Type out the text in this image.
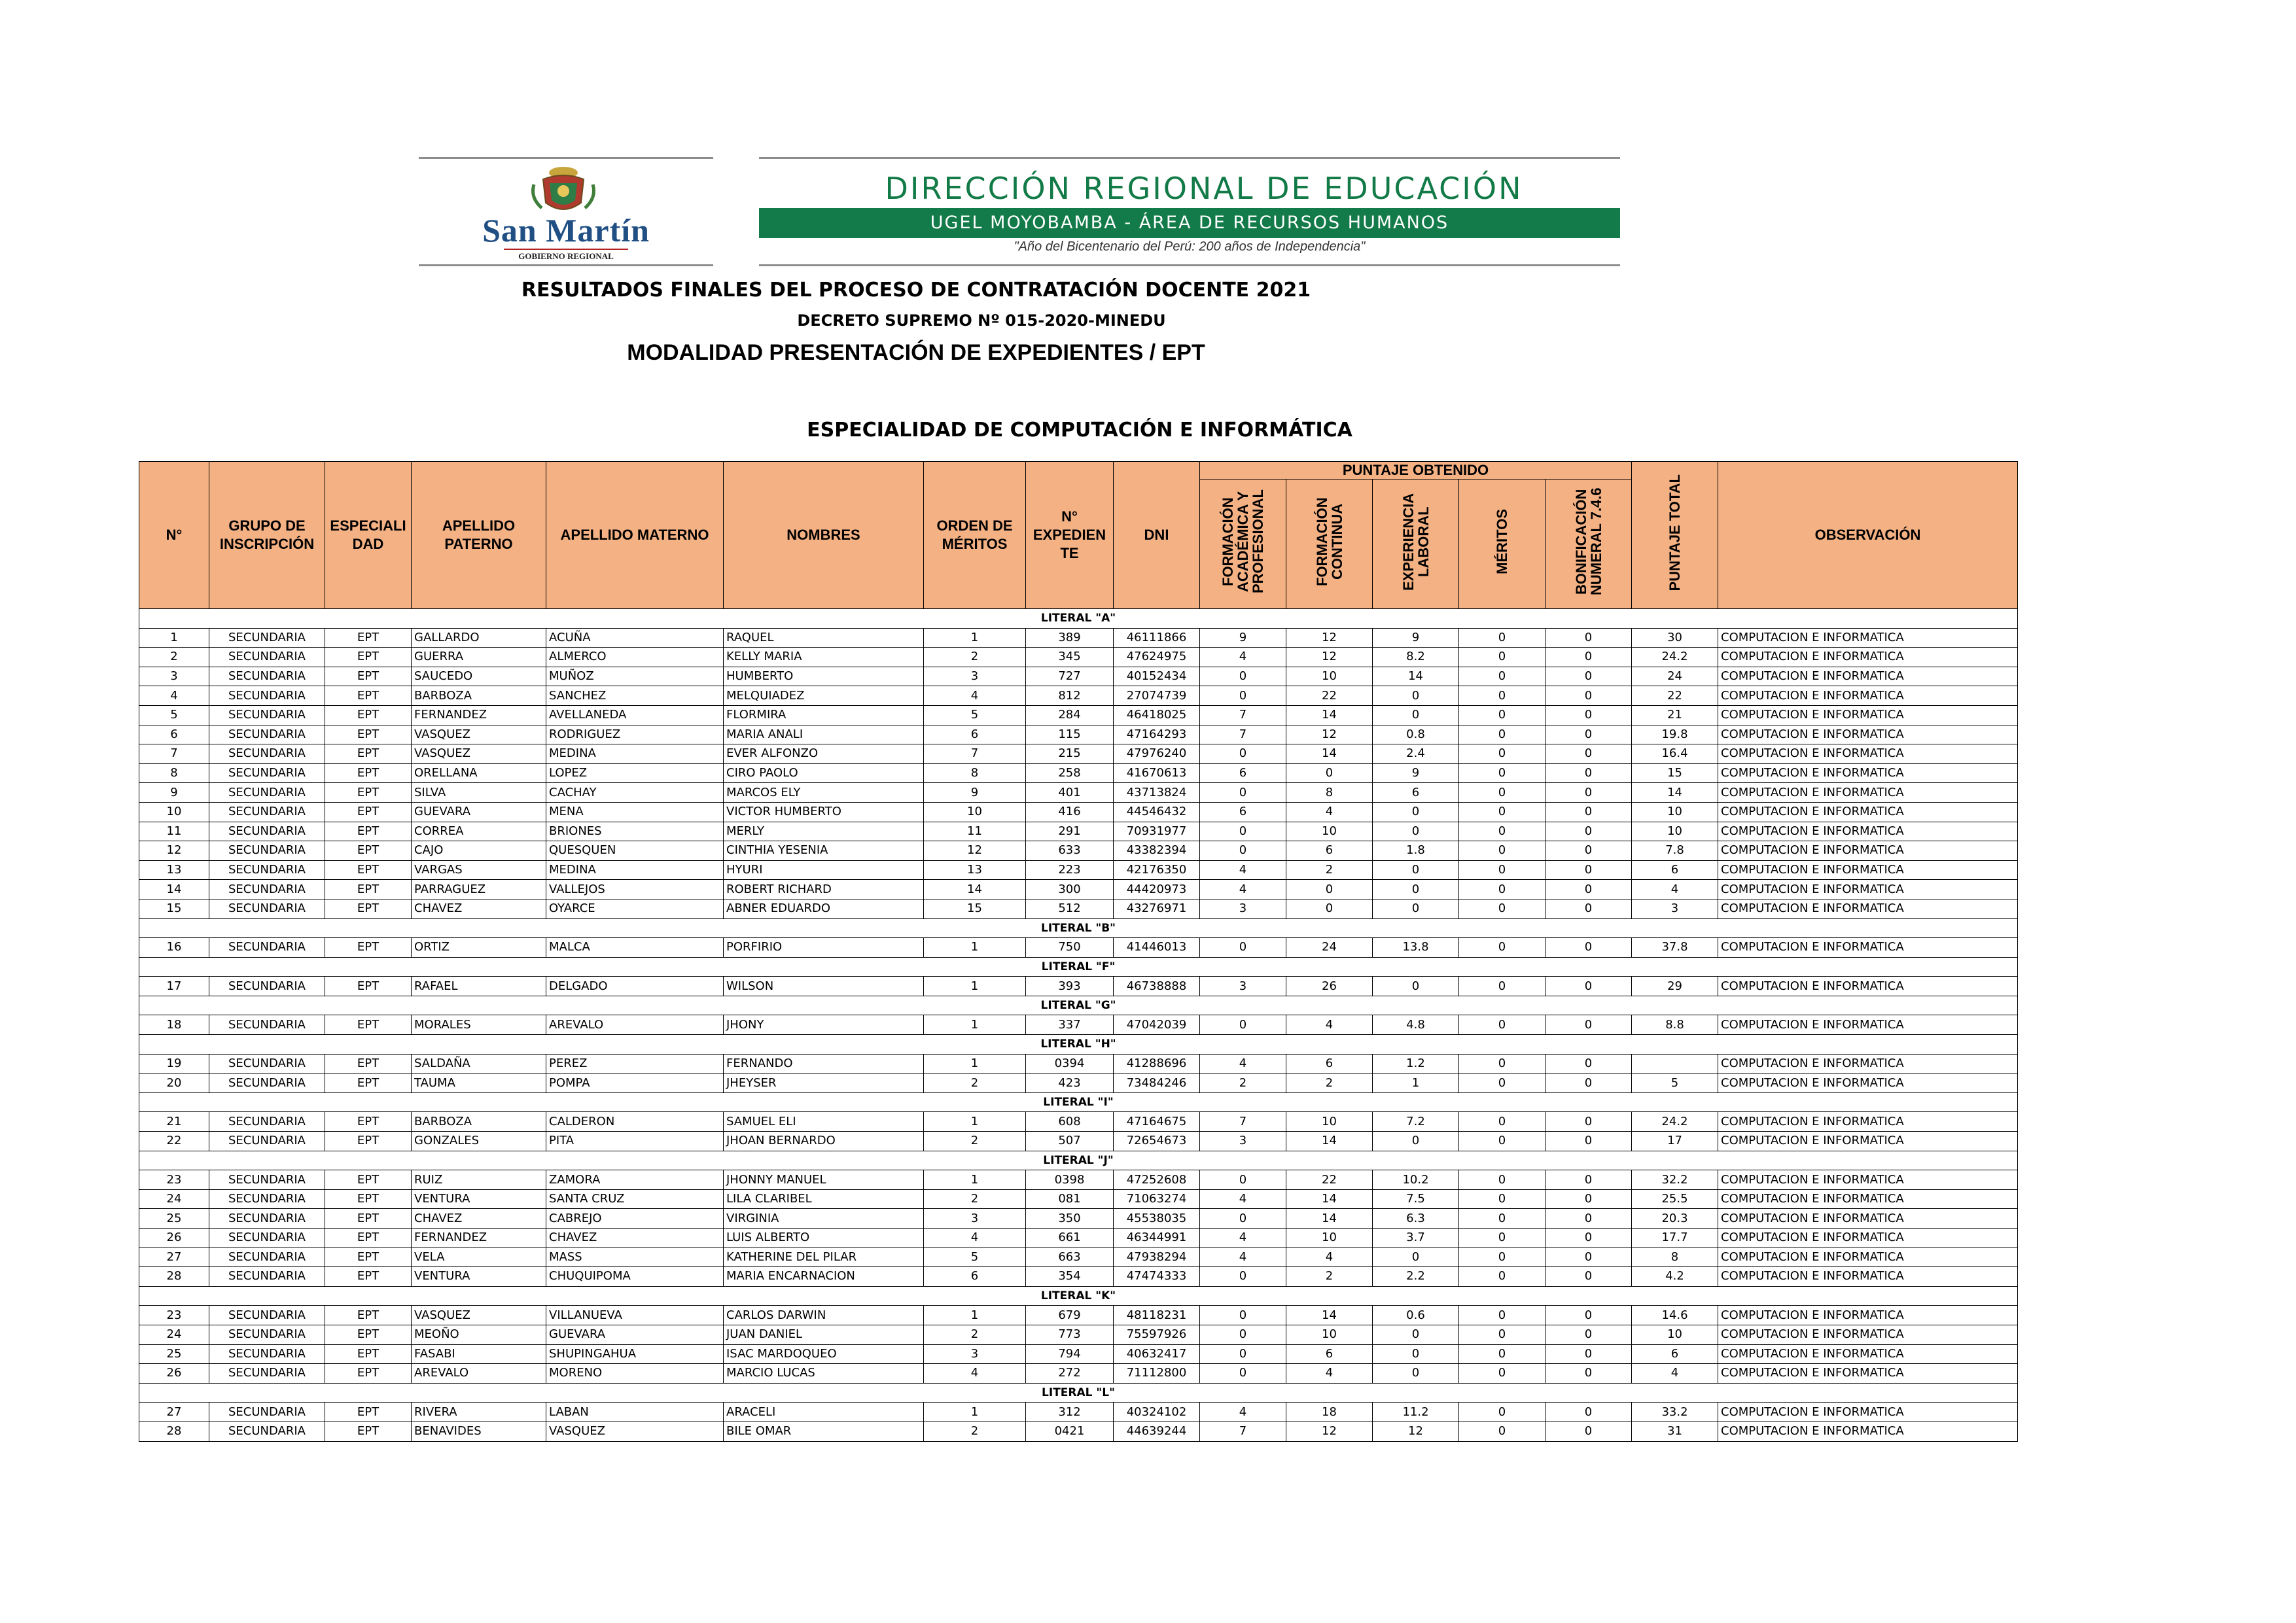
San Martín
GOBIERNO REGIONAL
DIRECCIÓN REGIONAL DE EDUCACIÓN
UGEL MOYOBAMBA - ÁREA DE RECURSOS HUMANOS
"Año del Bicentenario del Perú: 200 años de Independencia"
RESULTADOS FINALES DEL PROCESO DE CONTRATACIÓN DOCENTE 2021
DECRETO SUPREMO Nº 015-2020-MINEDU
MODALIDAD PRESENTACIÓN DE EXPEDIENTES / EPT
ESPECIALIDAD DE COMPUTACIÓN E INFORMÁTICA
N°	GRUPO DE INSCRIPCIÓN	ESPECIALI DAD	APELLIDO PATERNO	APELLIDO MATERNO	NOMBRES	ORDEN DE MÉRITOS	N° EXPEDIEN TE	DNI	PUNTAJE OBTENIDO					PUNTAJE TOTAL	OBSERVACIÓN
									FORMACIÓN ACADÉMICA Y PROFESIONAL	FORMACIÓN CONTINUA	EXPERIENCIA LABORAL	MÉRITOS	BONIFICACIÓN NUMERAL 7.4.6		
LITERAL "A"															
1	SECUNDARIA	EPT	GALLARDO	ACUÑA	RAQUEL	1	389	46111866	9	12	9	0	0	30	COMPUTACION E INFORMATICA
2	SECUNDARIA	EPT	GUERRA	ALMERCO	KELLY MARIA	2	345	47624975	4	12	8.2	0	0	24.2	COMPUTACION E INFORMATICA
3	SECUNDARIA	EPT	SAUCEDO	MUÑOZ	HUMBERTO	3	727	40152434	0	10	14	0	0	24	COMPUTACION E INFORMATICA
4	SECUNDARIA	EPT	BARBOZA	SANCHEZ	MELQUIADEZ	4	812	27074739	0	22	0	0	0	22	COMPUTACION E INFORMATICA
5	SECUNDARIA	EPT	FERNANDEZ	AVELLANEDA	FLORMIRA	5	284	46418025	7	14	0	0	0	21	COMPUTACION E INFORMATICA
6	SECUNDARIA	EPT	VASQUEZ	RODRIGUEZ	MARIA ANALI	6	115	47164293	7	12	0.8	0	0	19.8	COMPUTACION E INFORMATICA
7	SECUNDARIA	EPT	VASQUEZ	MEDINA	EVER ALFONZO	7	215	47976240	0	14	2.4	0	0	16.4	COMPUTACION E INFORMATICA
8	SECUNDARIA	EPT	ORELLANA	LOPEZ	CIRO PAOLO	8	258	41670613	6	0	9	0	0	15	COMPUTACION E INFORMATICA
9	SECUNDARIA	EPT	SILVA	CACHAY	MARCOS ELY	9	401	43713824	0	8	6	0	0	14	COMPUTACION E INFORMATICA
10	SECUNDARIA	EPT	GUEVARA	MENA	VICTOR HUMBERTO	10	416	44546432	6	4	0	0	0	10	COMPUTACION E INFORMATICA
11	SECUNDARIA	EPT	CORREA	BRIONES	MERLY	11	291	70931977	0	10	0	0	0	10	COMPUTACION E INFORMATICA
12	SECUNDARIA	EPT	CAJO	QUESQUEN	CINTHIA YESENIA	12	633	43382394	0	6	1.8	0	0	7.8	COMPUTACION E INFORMATICA
13	SECUNDARIA	EPT	VARGAS	MEDINA	HYURI	13	223	42176350	4	2	0	0	0	6	COMPUTACION E INFORMATICA
14	SECUNDARIA	EPT	PARRAGUEZ	VALLEJOS	ROBERT RICHARD	14	300	44420973	4	0	0	0	0	4	COMPUTACION E INFORMATICA
15	SECUNDARIA	EPT	CHAVEZ	OYARCE	ABNER EDUARDO	15	512	43276971	3	0	0	0	0	3	COMPUTACION E INFORMATICA
LITERAL "B"															
16	SECUNDARIA	EPT	ORTIZ	MALCA	PORFIRIO	1	750	41446013	0	24	13.8	0	0	37.8	COMPUTACION E INFORMATICA
LITERAL "F"															
17	SECUNDARIA	EPT	RAFAEL	DELGADO	WILSON	1	393	46738888	3	26	0	0	0	29	COMPUTACION E INFORMATICA
LITERAL "G"															
18	SECUNDARIA	EPT	MORALES	AREVALO	JHONY	1	337	47042039	0	4	4.8	0	0	8.8	COMPUTACION E INFORMATICA
LITERAL "H"															
19	SECUNDARIA	EPT	SALDAÑA	PEREZ	FERNANDO	1	0394	41288696	4	6	1.2	0	0		COMPUTACION E INFORMATICA
20	SECUNDARIA	EPT	TAUMA	POMPA	JHEYSER	2	423	73484246	2	2	1	0	0	5	COMPUTACION E INFORMATICA
LITERAL "I"															
21	SECUNDARIA	EPT	BARBOZA	CALDERON	SAMUEL ELI	1	608	47164675	7	10	7.2	0	0	24.2	COMPUTACION E INFORMATICA
22	SECUNDARIA	EPT	GONZALES	PITA	JHOAN BERNARDO	2	507	72654673	3	14	0	0	0	17	COMPUTACION E INFORMATICA
LITERAL "J"															
23	SECUNDARIA	EPT	RUIZ	ZAMORA	JHONNY MANUEL	1	0398	47252608	0	22	10.2	0	0	32.2	COMPUTACION E INFORMATICA
24	SECUNDARIA	EPT	VENTURA	SANTA CRUZ	LILA CLARIBEL	2	081	71063274	4	14	7.5	0	0	25.5	COMPUTACION E INFORMATICA
25	SECUNDARIA	EPT	CHAVEZ	CABREJO	VIRGINIA	3	350	45538035	0	14	6.3	0	0	20.3	COMPUTACION E INFORMATICA
26	SECUNDARIA	EPT	FERNANDEZ	CHAVEZ	LUIS ALBERTO	4	661	46344991	4	10	3.7	0	0	17.7	COMPUTACION E INFORMATICA
27	SECUNDARIA	EPT	VELA	MASS	KATHERINE DEL PILAR	5	663	47938294	4	4	0	0	0	8	COMPUTACION E INFORMATICA
28	SECUNDARIA	EPT	VENTURA	CHUQUIPOMA	MARIA ENCARNACION	6	354	47474333	0	2	2.2	0	0	4.2	COMPUTACION E INFORMATICA
LITERAL "K"															
23	SECUNDARIA	EPT	VASQUEZ	VILLANUEVA	CARLOS DARWIN	1	679	48118231	0	14	0.6	0	0	14.6	COMPUTACION E INFORMATICA
24	SECUNDARIA	EPT	MEOÑO	GUEVARA	JUAN DANIEL	2	773	75597926	0	10	0	0	0	10	COMPUTACION E INFORMATICA
25	SECUNDARIA	EPT	FASABI	SHUPINGAHUA	ISAC MARDOQUEO	3	794	40632417	0	6	0	0	0	6	COMPUTACION E INFORMATICA
26	SECUNDARIA	EPT	AREVALO	MORENO	MARCIO LUCAS	4	272	71112800	0	4	0	0	0	4	COMPUTACION E INFORMATICA
LITERAL "L"															
27	SECUNDARIA	EPT	RIVERA	LABAN	ARACELI	1	312	40324102	4	18	11.2	0	0	33.2	COMPUTACION E INFORMATICA
28	SECUNDARIA	EPT	BENAVIDES	VASQUEZ	BILE OMAR	2	0421	44639244	7	12	12	0	0	31	COMPUTACION E INFORMATICA
